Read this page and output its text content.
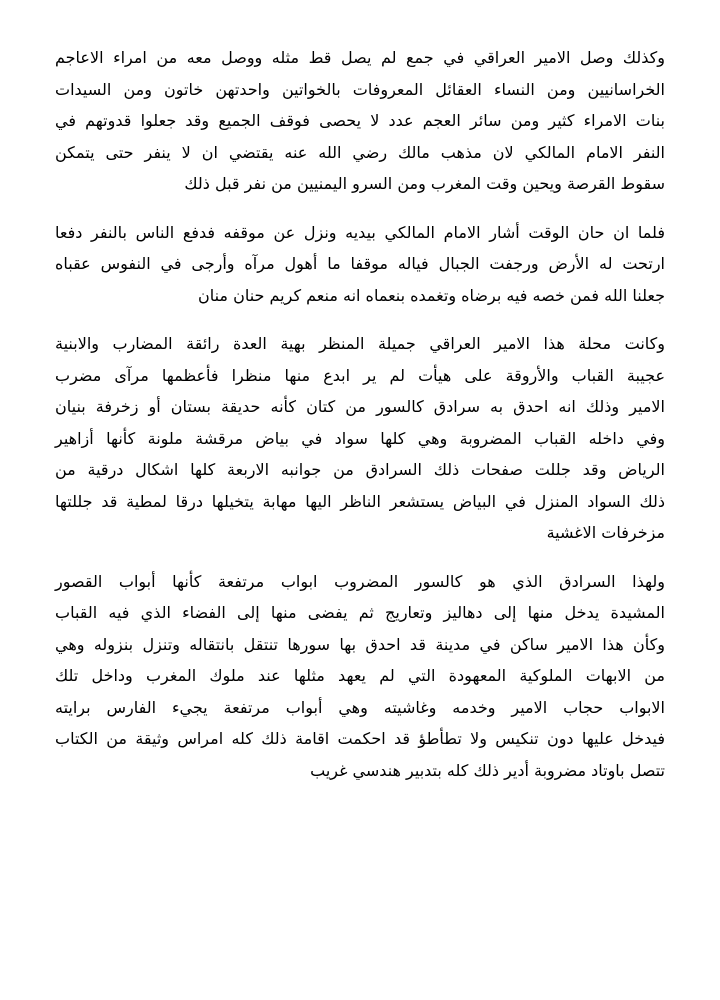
وكذلك وصل الامير العراقي في جمع لم يصل قط مثله ووصل معه من امراء الاعاجم
الخراسانيين ومن النساء العقائل المعروفات بالخواتين واحدتهن خاتون ومن السيدات
بنات الامراء كثير ومن سائر العجم عدد لا يحصى فوقف الجميع وقد جعلوا قدوتهم في
النفر الامام المالكي لان مذهب مالك رضي الله عنه يقتضي ان لا ينفر حتى يتمكن
سقوط القرصة ويحين وقت المغرب ومن السرو اليمنيين من نفر قبل ذلك
فلما ان حان الوقت أشار الامام المالكي بيديه ونزل عن موقفه فدفع الناس بالنفر دفعا
ارتحت له الأرض ورجفت الجبال فياله موقفا ما أهول مرآه وأرجى في النفوس عقباه
جعلنا الله فمن خصه فيه برضاه وتغمده بنعماه انه منعم كريم حنان منان
وكانت محلة هذا الامير العراقي جميلة المنظر بهية العدة رائقة المضارب والابنية
عجيبة القباب والأروقة على هيأت لم ير ابدع منها منظرا فأعظمها مرآى مضرب
الامير وذلك انه احدق به سرادق كالسور من كتان كأنه حديقة بستان أو زخرفة بنيان
وفي داخله القباب المضروبة وهي كلها سواد في بياض مرقشة ملونة كأنها أزاهير
الرياض وقد جللت صفحات ذلك السرادق من جوانبه الاربعة كلها اشكال درقية من
ذلك السواد المنزل في البياض يستشعر الناظر اليها مهابة يتخيلها درقا لمطية قد جللتها
مزخرفات الاغشية
ولهذا السرادق الذي هو كالسور المضروب ابواب مرتفعة كأنها أبواب القصور
المشيدة يدخل منها إلى دهاليز وتعاريج ثم يفضى منها إلى الفضاء الذي فيه القباب
وكأن هذا الامير ساكن في مدينة قد احدق بها سورها تنتقل بانتقاله وتنزل بنزوله وهي
من الابهات الملوكية المعهودة التي لم يعهد مثلها عند ملوك المغرب وداخل تلك
الابواب حجاب الامير وخدمه وغاشيته وهي أبواب مرتفعة يجيء الفارس برايته
فيدخل عليها دون تنكيس ولا تطأطؤ قد احكمت اقامة ذلك كله امراس وثيقة من الكتاب
تتصل باوتاد مضروبة أدير ذلك كله بتدبير هندسي غريب
